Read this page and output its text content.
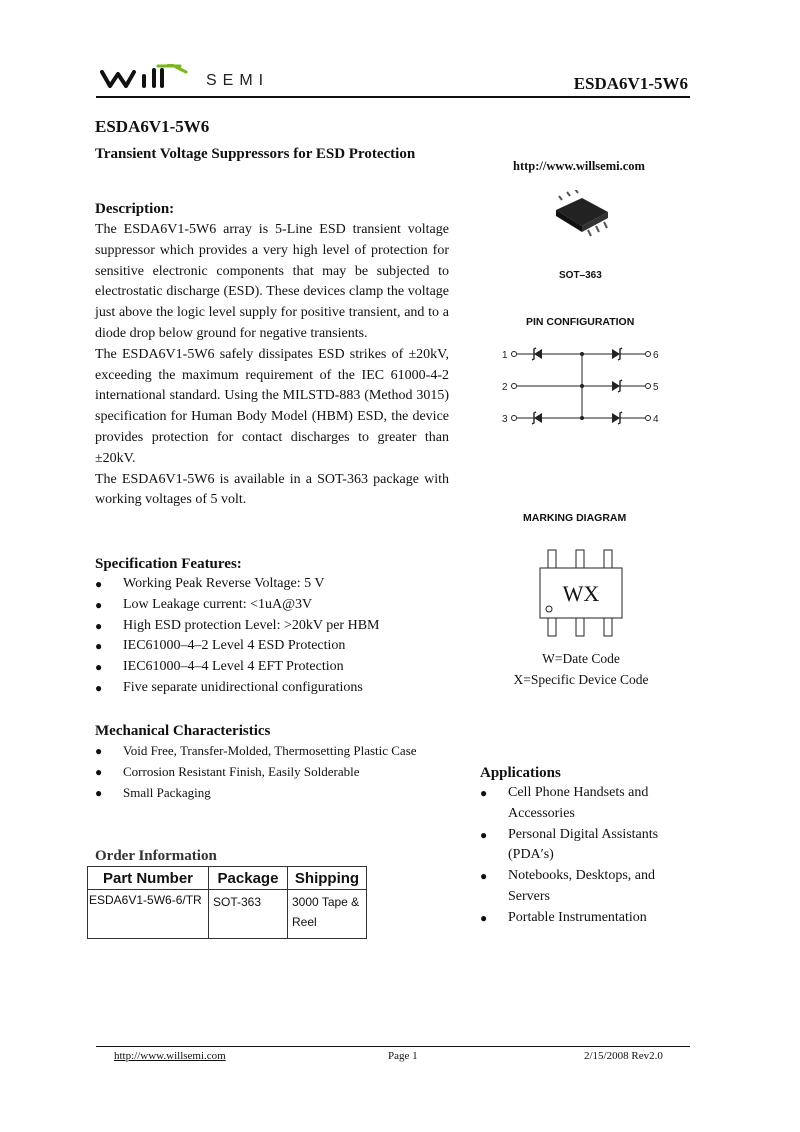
SEMI	ESDA6V1-5W6
ESDA6V1-5W6
Transient Voltage Suppressors for ESD Protection
http://www.willsemi.com
Description:

The ESDA6V1-5W6 array is 5-Line ESD transient voltage suppressor which provides a very high level of protection for sensitive electronic components that may be subjected to electrostatic discharge (ESD). These devices clamp the voltage just above the logic level supply for positive transient, and to a diode drop below ground for negative transients.

The ESDA6V1-5W6 safely dissipates ESD strikes of ±20kV, exceeding the maximum requirement of the IEC 61000-4-2 international standard. Using the MILSTD-883 (Method 3015) specification for Human Body Model (HBM) ESD, the device provides protection for contact discharges to greater than ±20kV.

The ESDA6V1-5W6 is available in a SOT-363 package with working voltages of 5 volt.

Specification Features:
● Working Peak Reverse Voltage: 5 V
● Low Leakage current: <1uA@3V
● High ESD protection Level: >20kV per HBM
● IEC61000–4–2 Level 4 ESD Protection
● IEC61000–4–4 Level 4 EFT Protection
● Five separate unidirectional configurations
Mechanical Characteristics
● Void Free, Transfer-Molded, Thermosetting Plastic Case
● Corrosion Resistant Finish, Easily Solderable
● Small Packaging
Order Information
Part Number	Package	Shipping
ESDA6V1-5W6-6/TR	SOT-363	3000 Tape & Reel
SOT–363
PIN CONFIGURATION
1
2
3	4
5
6
MARKING DIAGRAM
WX
W=Date Code
X=Specific Device Code
Applications
● Cell Phone Handsets and Accessories
● Personal Digital Assistants (PDA′s)
● Notebooks, Desktops, and Servers
● Portable Instrumentation
http://www.willsemi.com	Page 1	2/15/2008 Rev2.0
